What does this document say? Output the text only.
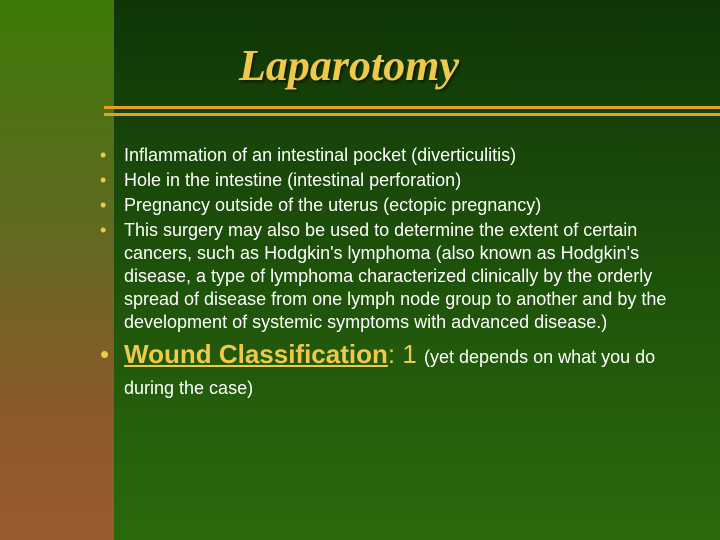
Laparotomy
• Inflammation of an intestinal pocket (diverticulitis)
• Hole in the intestine (intestinal perforation)
• Pregnancy outside of the uterus (ectopic pregnancy)
• This surgery may also be used to determine the extent of certain cancers, such as Hodgkin's lymphoma (also known as Hodgkin's disease, a type of lymphoma characterized clinically by the orderly spread of disease from one lymph node group to another and by the development of systemic symptoms with advanced disease.)
• Wound Classification: 1 (yet depends on what you do during the case)
